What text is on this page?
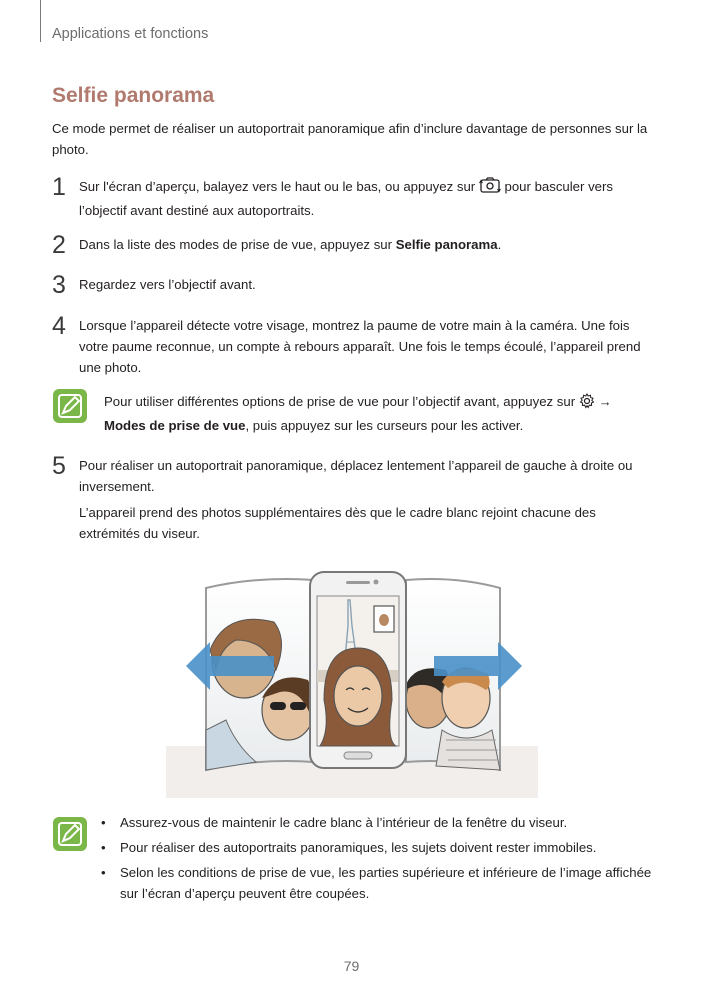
Applications et fonctions
Selfie panorama
Ce mode permet de réaliser un autoportrait panoramique afin d’inclure davantage de personnes sur la photo.
1 Sur l'écran d’aperçu, balayez vers le haut ou le bas, ou appuyez sur  pour basculer vers l’objectif avant destiné aux autoportraits.
2 Dans la liste des modes de prise de vue, appuyez sur Selfie panorama.
3 Regardez vers l’objectif avant.
4 Lorsque l’appareil détecte votre visage, montrez la paume de votre main à la caméra. Une fois votre paume reconnue, un compte à rebours apparaît. Une fois le temps écoulé, l’appareil prend une photo.
Pour utiliser différentes options de prise de vue pour l’objectif avant, appuyez sur  →
Modes de prise de vue, puis appuyez sur les curseurs pour les activer.
5 Pour réaliser un autoportrait panoramique, déplacez lentement l’appareil de gauche à droite ou inversement.
L’appareil prend des photos supplémentaires dès que le cadre blanc rejoint chacune des extrémités du viseur.
• Assurez-vous de maintenir le cadre blanc à l’intérieur de la fenêtre du viseur.
• Pour réaliser des autoportraits panoramiques, les sujets doivent rester immobiles.
• Selon les conditions de prise de vue, les parties supérieure et inférieure de l’image affichée sur l’écran d’aperçu peuvent être coupées.
79
